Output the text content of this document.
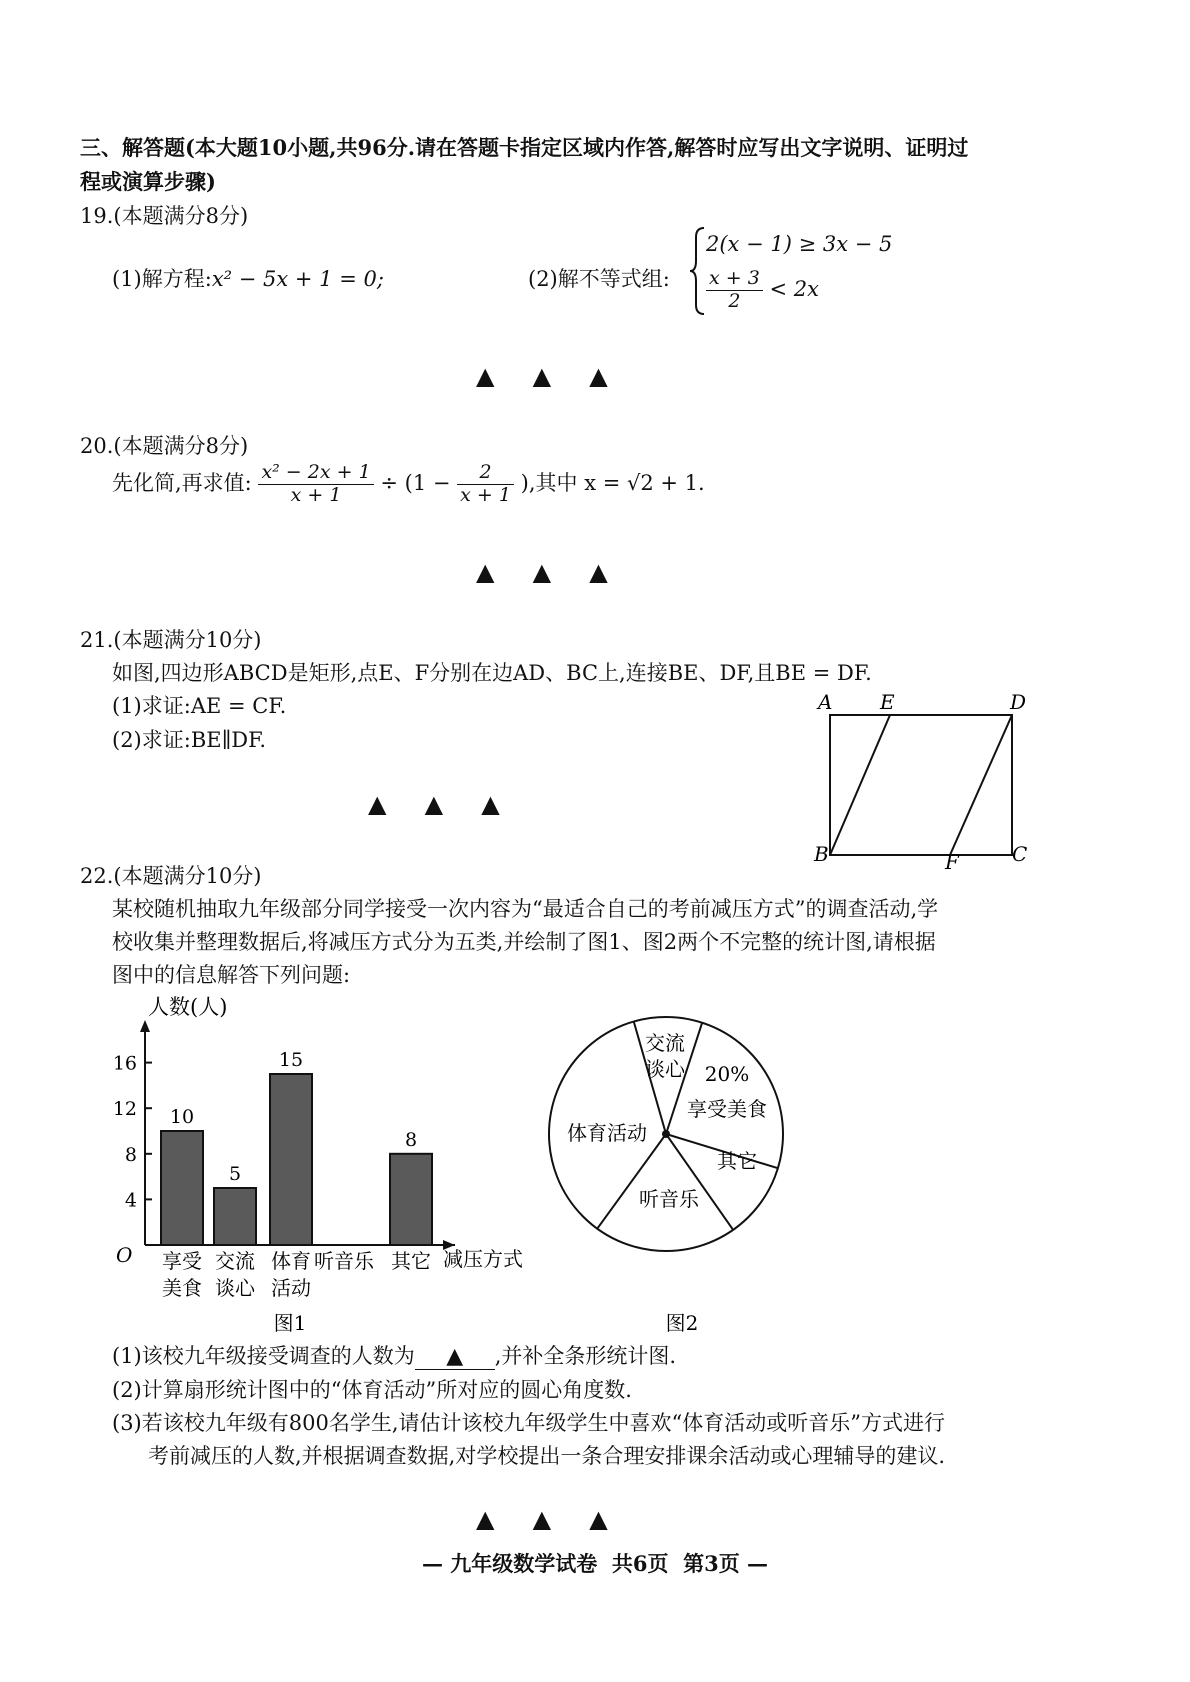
三、解答题(本大题10小题,共96分.请在答题卡指定区域内作答,解答时应写出文字说明、证明过
程或演算步骤)
19.(本题满分8分)
(1)解方程:x² − 5x + 1 = 0;	(2)解不等式组:
2(x − 1) ≥ 3x − 5
$\frac{x + 3}{2} < 2x$
▲ ▲ ▲
20.(本题满分8分)
先化简,再求值: $\frac{\text{x² − 2x + 1}}{x + 1} \div (1 - \frac{2}{x + 1}$ ),其中 x = √2 + 1.
▲ ▲ ▲
21.(本题满分10分)
如图,四边形ABCD是矩形,点E、F分别在边AD、BC上,连接BE、DF,且BE = DF.
(1)求证:AE = CF.
(2)求证:BE∥DF.
▲ ▲ ▲
A E	D
B	F	C
22.(本题满分10分)
某校随机抽取九年级部分同学接受一次内容为“最适合自己的考前减压方式”的调查活动,学
校收集并整理数据后,将减压方式分为五类,并绘制了图1、图2两个不完整的统计图,请根据
图中的信息解答下列问题:
人数(人)
减压方式
O
4
8
12
16
10
享受
美食
5
交流
谈心
15
体育
活动
听音乐
8
其它
图1
交流
谈心 20%
享受美食
其它
听音乐
体育活动
图2
(1)该校九年级接受调查的人数为 ▲ ,并补全条形统计图.
(2)计算扇形统计图中的“体育活动”所对应的圆心角度数.
(3)若该校九年级有800名学生,请估计该校九年级学生中喜欢“体育活动或听音乐”方式进行
考前减压的人数,并根据调查数据,对学校提出一条合理安排课余活动或心理辅导的建议.
▲ ▲ ▲
— 九年级数学试卷  共6页  第3页 —
